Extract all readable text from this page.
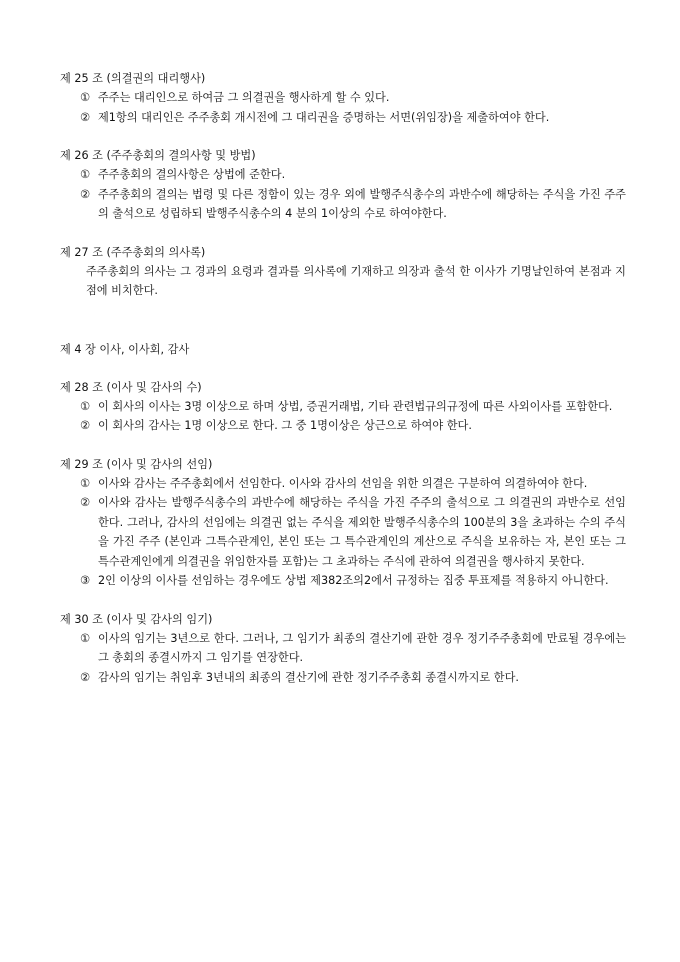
제 25 조 (의결권의 대리행사)
① 주주는 대리인으로 하여금 그 의결권을 행사하게 할 수 있다.
② 제1항의 대리인은 주주총회 개시전에 그 대리권을 증명하는 서면(위임장)을 제출하여야 한다.
제 26 조 (주주총회의 결의사항 및 방법)
① 주주총회의 결의사항은 상법에 준한다.
② 주주총회의 결의는 법령 및 다른 정함이 있는 경우 외에 발행주식총수의 과반수에 해당하는 주식을 가진 주주의 출석으로 성립하되 발행주식총수의 4 분의 1이상의 수로 하여야한다.
제 27 조 (주주총회의 의사록)
주주총회의 의사는 그 경과의 요령과 결과를 의사록에 기재하고 의장과 출석 한 이사가 기명날인하여 본점과 지점에 비치한다.
제 4 장 이사, 이사회, 감사
제 28 조 (이사 및 감사의 수)
① 이 회사의 이사는 3명 이상으로 하며 상법, 증권거래법, 기타 관련법규의규정에 따른 사외이사를 포함한다.
② 이 회사의 감사는 1명 이상으로 한다. 그 중 1명이상은 상근으로 하여야 한다.
제 29 조 (이사 및 감사의 선임)
① 이사와 감사는 주주총회에서 선임한다. 이사와 감사의 선임을 위한 의결은 구분하여 의결하여야 한다.
② 이사와 감사는 발행주식총수의 과반수에 해당하는 주식을 가진 주주의 출석으로 그 의결권의 과반수로 선임한다. 그러나, 감사의 선임에는 의결권 없는 주식을 제외한 발행주식총수의 100분의 3을 초과하는 수의 주식을 가진 주주 (본인과 그특수관계인, 본인 또는 그 특수관계인의 계산으로 주식을 보유하는 자, 본인 또는 그 특수관계인에게 의결권을 위임한자를 포함)는 그 초과하는 주식에 관하여 의결권을 행사하지 못한다.
③ 2인 이상의 이사를 선임하는 경우에도 상법 제382조의2에서 규정하는 집중 투표제를 적용하지 아니한다.
제 30 조 (이사 및 감사의 임기)
① 이사의 임기는 3년으로 한다. 그러나, 그 임기가 최종의 결산기에 관한 경우 정기주주총회에 만료될 경우에는 그 총회의 종결시까지 그 임기를 연장한다.
② 감사의 임기는 취임후 3년내의 최종의 결산기에 관한 정기주주총회 종결시까지로 한다.
